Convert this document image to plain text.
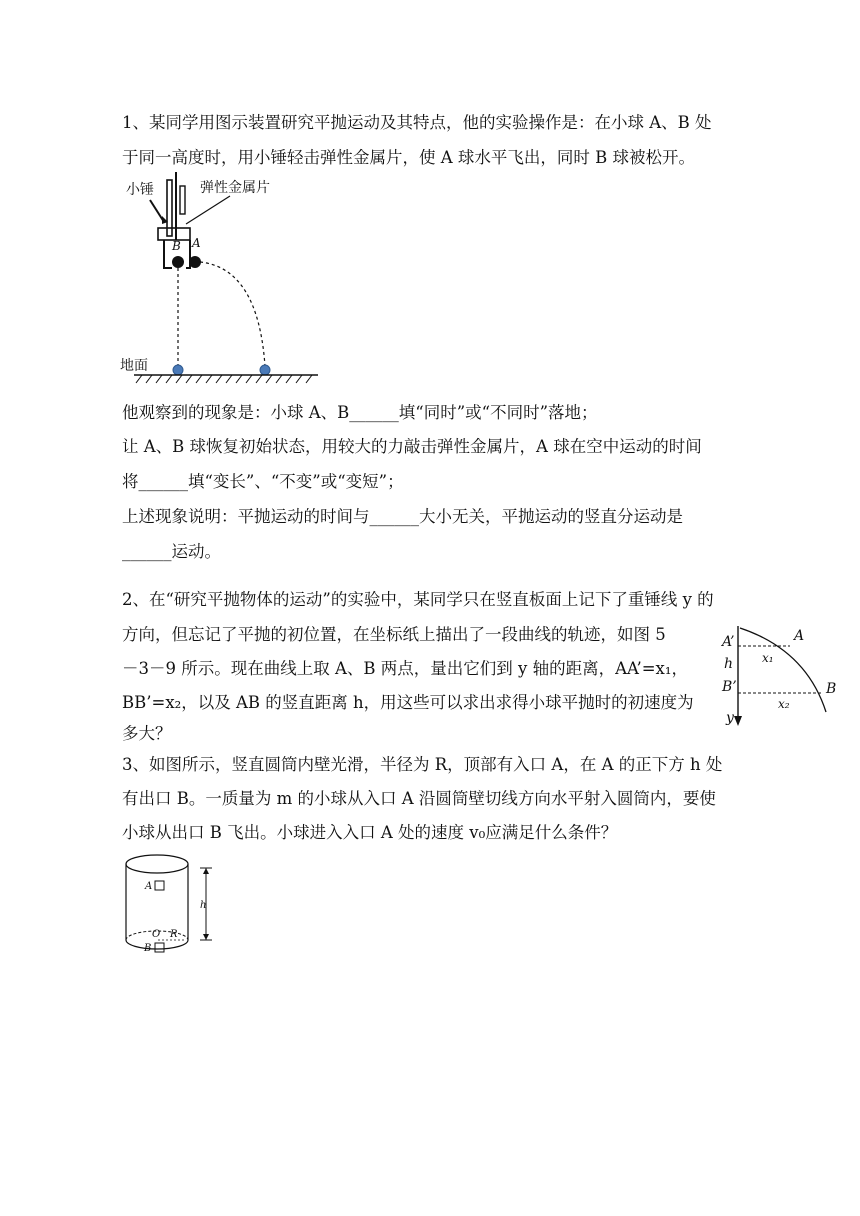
1、某同学用图示装置研究平抛运动及其特点，他的实验操作是：在小球 A、B 处
于同一高度时，用小锤轻击弹性金属片，使 A 球水平飞出，同时 B 球被松开。
小锤	弹性金属片
B A
地面
他观察到的现象是：小球 A、B______填“同时”或“不同时”落地；
让 A、B 球恢复初始状态，用较大的力敲击弹性金属片，A 球在空中运动的时间
将______填“变长”、“不变”或“变短”；
上述现象说明：平抛运动的时间与______大小无关，平抛运动的竖直分运动是
______运动。
2、在“研究平抛物体的运动”的实验中，某同学只在竖直板面上记下了重锤线 y 的
方向，但忘记了平抛的初位置，在坐标纸上描出了一段曲线的轨迹，如图 5
－3－9 所示。现在曲线上取 A、B 两点，量出它们到 y 轴的距离，AA’=x₁，
BB’=x₂，以及 AB 的竖直距离 h，用这些可以求出求得小球平抛时的初速度为
多大？
A’
h
B’
y
A
B
x₁
x₂
3、如图所示，竖直圆筒内壁光滑，半径为 R，顶部有入口 A，在 A 的正下方 h 处
有出口 B。一质量为 m 的小球从入口 A 沿圆筒壁切线方向水平射入圆筒内，要使
小球从出口 B 飞出。小球进入入口 A 处的速度 v₀应满足什么条件？
A
h
O R
B
